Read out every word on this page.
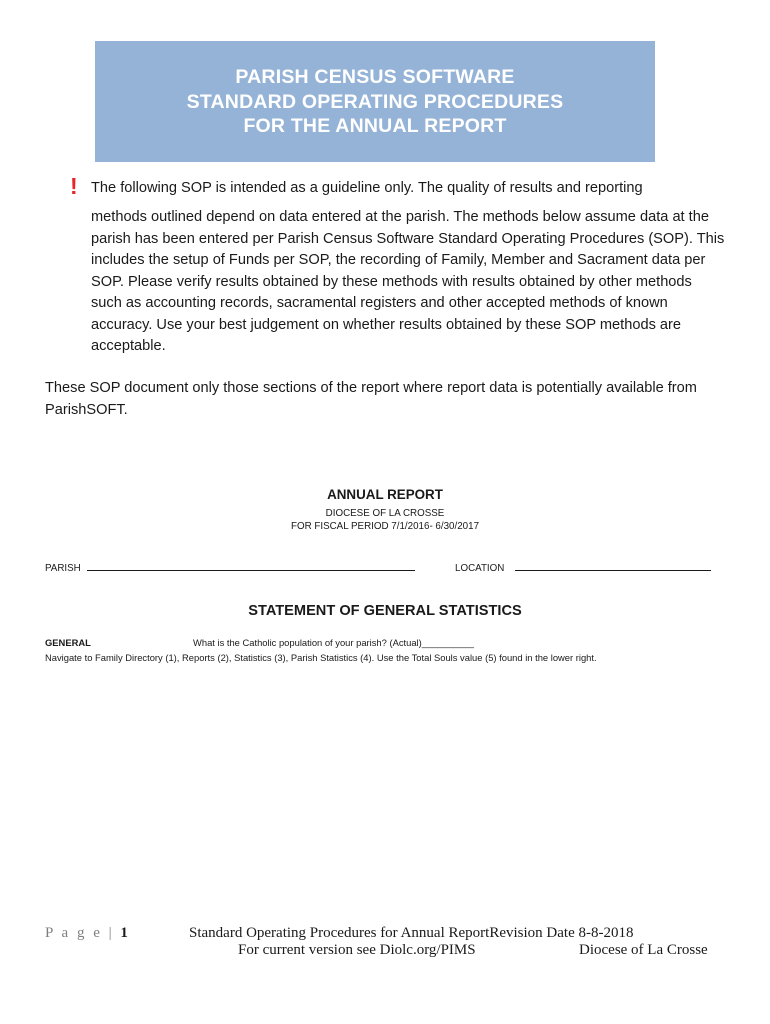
PARISH CENSUS SOFTWARE
STANDARD OPERATING PROCEDURES
FOR THE ANNUAL REPORT
! The following SOP is intended as a guideline only. The quality of results and reporting
methods outlined depend on data entered at the parish. The methods below assume data at the parish has been entered per Parish Census Software Standard Operating Procedures (SOP). This includes the setup of Funds per SOP, the recording of Family, Member and Sacrament data per SOP. Please verify results obtained by these methods with results obtained by other methods such as accounting records, sacramental registers and other accepted methods of known accuracy. Use your best judgement on whether results obtained by these SOP methods are acceptable.
These SOP document only those sections of the report where report data is potentially available from ParishSOFT.
ANNUAL REPORT
DIOCESE OF LA CROSSE
FOR FISCAL PERIOD 7/1/2016- 6/30/2017
PARISH	LOCATION
STATEMENT OF GENERAL STATISTICS
GENERAL	What is the Catholic population of your parish? (Actual)__________
Navigate to Family Directory (1), Reports (2), Statistics (3), Parish Statistics (4). Use the Total Souls value (5) found in the lower right.
P a g e | 1	Standard Operating Procedures for Annual ReportRevision Date 8-8-2018
For current version see Diolc.org/PIMS	Diocese of La Crosse
